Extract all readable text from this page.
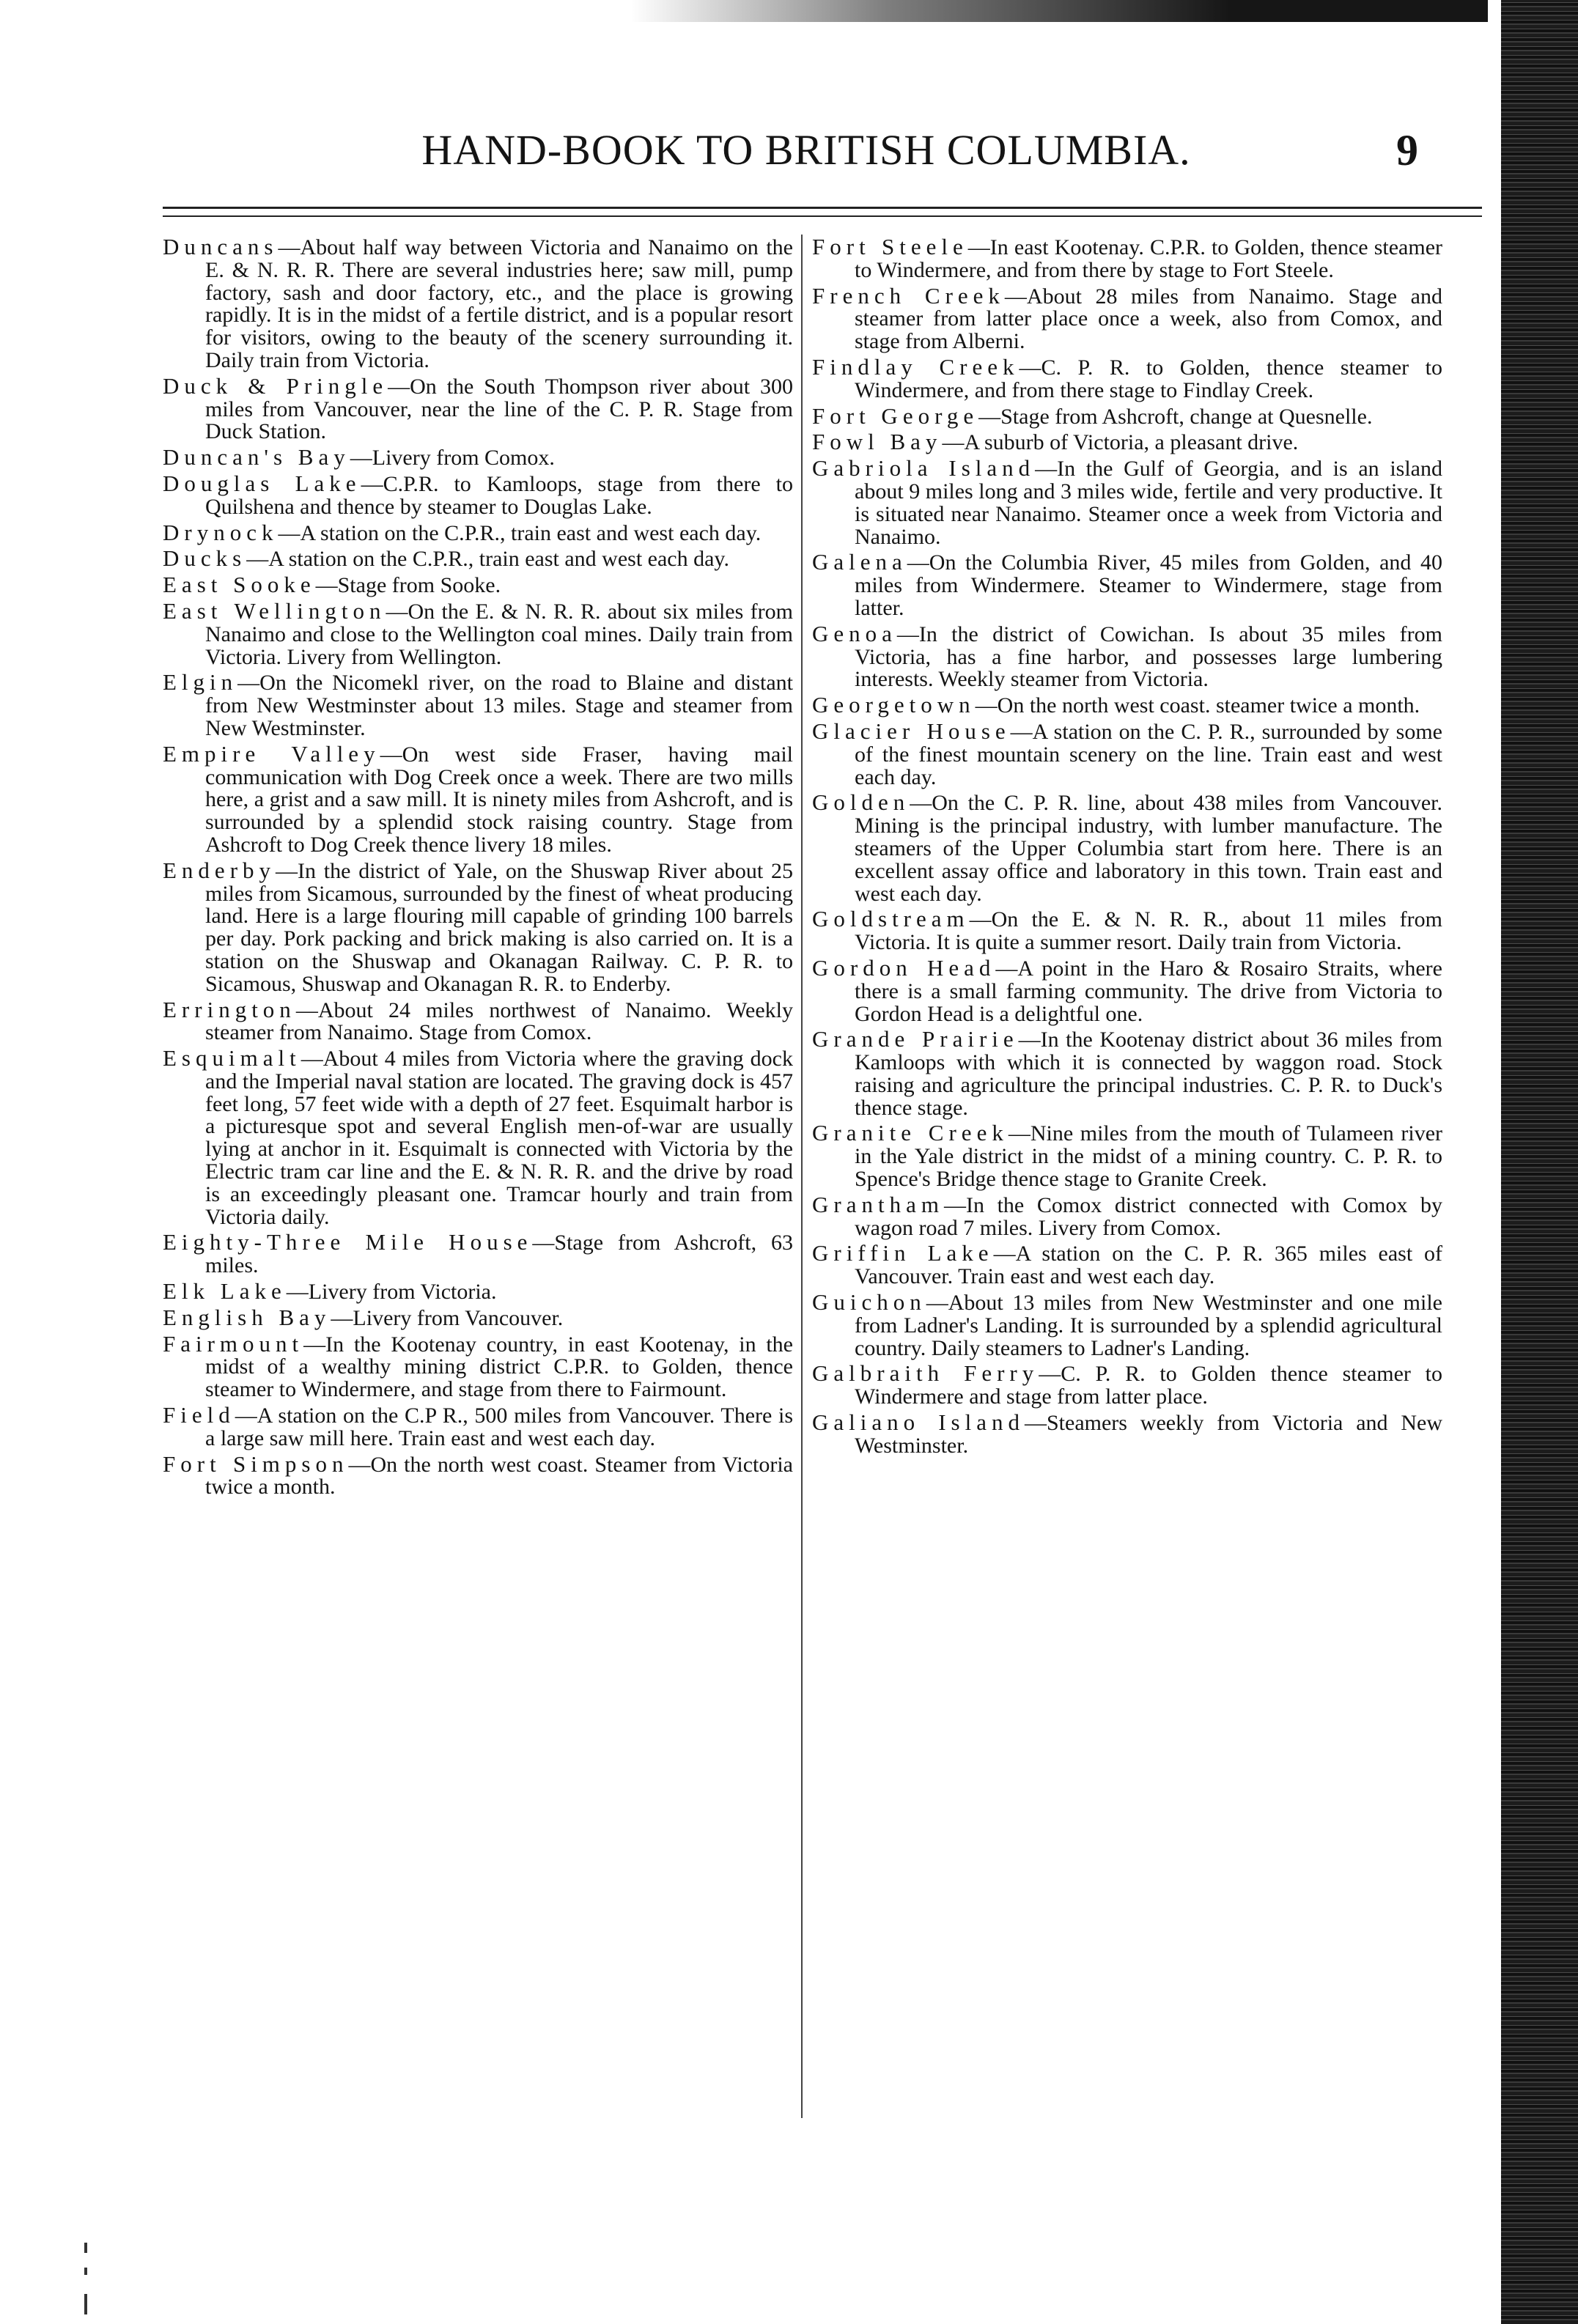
HAND-BOOK TO BRITISH COLUMBIA.	9

Duncans—About half way between Victoria and Nanaimo on the E. & N. R. R. There are several industries here; saw mill, pump factory, sash and door factory, etc., and the place is growing rapidly. It is in the midst of a fertile district, and is a popular resort for visitors, owing to the beauty of the scenery surrounding it. Daily train from Victoria.

Duck & Pringle—On the South Thompson river about 300 miles from Vancouver, near the line of the C. P. R. Stage from Duck Station.

Duncan's Bay—Livery from Comox.

Douglas Lake—C.P.R. to Kamloops, stage from there to Quilshena and thence by steamer to Douglas Lake.

Drynock—A station on the C.P.R., train east and west each day.

Ducks—A station on the C.P.R., train east and west each day.

East Sooke—Stage from Sooke.

East Wellington—On the E. & N. R. R. about six miles from Nanaimo and close to the Wellington coal mines. Daily train from Victoria. Livery from Wellington.

Elgin—On the Nicomekl river, on the road to Blaine and distant from New Westminster about 13 miles. Stage and steamer from New Westminster.

Empire Valley—On west side Fraser, having mail communication with Dog Creek once a week. There are two mills here, a grist and a saw mill. It is ninety miles from Ashcroft, and is surrounded by a splendid stock raising country. Stage from Ashcroft to Dog Creek thence livery 18 miles.

Enderby—In the district of Yale, on the Shuswap River about 25 miles from Sicamous, surrounded by the finest of wheat producing land. Here is a large flouring mill capable of grinding 100 barrels per day. Pork packing and brick making is also carried on. It is a station on the Shuswap and Okanagan Railway. C. P. R. to Sicamous, Shuswap and Okanagan R. R. to Enderby.

Errington—About 24 miles northwest of Nanaimo. Weekly steamer from Nanaimo. Stage from Comox.

Esquimalt—About 4 miles from Victoria where the graving dock and the Imperial naval station are located. The graving dock is 457 feet long, 57 feet wide with a depth of 27 feet. Esquimalt harbor is a picturesque spot and several English men-of-war are usually lying at anchor in it. Esquimalt is connected with Victoria by the Electric tram car line and the E. & N. R. R. and the drive by road is an exceedingly pleasant one. Tramcar hourly and train from Victoria daily.

Eighty-Three Mile House—Stage from Ashcroft, 63 miles.

Elk Lake—Livery from Victoria.

English Bay—Livery from Vancouver.

Fairmount—In the Kootenay country, in east Kootenay, in the midst of a wealthy mining district C.P.R. to Golden, thence steamer to Windermere, and stage from there to Fairmount.

Field—A station on the C.P R., 500 miles from Vancouver. There is a large saw mill here. Train east and west each day.

Fort Simpson—On the north west coast. Steamer from Victoria twice a month.

Fort Steele—In east Kootenay. C.P.R. to Golden, thence steamer to Windermere, and from there by stage to Fort Steele.

French Creek—About 28 miles from Nanaimo. Stage and steamer from latter place once a week, also from Comox, and stage from Alberni.

Findlay Creek—C. P. R. to Golden, thence steamer to Windermere, and from there stage to Findlay Creek.

Fort George—Stage from Ashcroft, change at Quesnelle.

Fowl Bay—A suburb of Victoria, a pleasant drive.

Gabriola Island—In the Gulf of Georgia, and is an island about 9 miles long and 3 miles wide, fertile and very productive. It is situated near Nanaimo. Steamer once a week from Victoria and Nanaimo.

Galena—On the Columbia River, 45 miles from Golden, and 40 miles from Windermere. Steamer to Windermere, stage from latter.

Genoa—In the district of Cowichan. Is about 35 miles from Victoria, has a fine harbor, and possesses large lumbering interests. Weekly steamer from Victoria.

Georgetown—On the north west coast. steamer twice a month.

Glacier House—A station on the C. P. R., surrounded by some of the finest mountain scenery on the line. Train east and west each day.

Golden—On the C. P. R. line, about 438 miles from Vancouver. Mining is the principal industry, with lumber manufacture. The steamers of the Upper Columbia start from here. There is an excellent assay office and laboratory in this town. Train east and west each day.

Goldstream—On the E. & N. R. R., about 11 miles from Victoria. It is quite a summer resort. Daily train from Victoria.

Gordon Head—A point in the Haro & Rosairo Straits, where there is a small farming community. The drive from Victoria to Gordon Head is a delightful one.

Grande Prairie—In the Kootenay district about 36 miles from Kamloops with which it is connected by waggon road. Stock raising and agriculture the principal industries. C. P. R. to Duck's thence stage.

Granite Creek—Nine miles from the mouth of Tulameen river in the Yale district in the midst of a mining country. C. P. R. to Spence's Bridge thence stage to Granite Creek.

Grantham—In the Comox district connected with Comox by wagon road 7 miles. Livery from Comox.

Griffin Lake—A station on the C. P. R. 365 miles east of Vancouver. Train east and west each day.

Guichon—About 13 miles from New Westminster and one mile from Ladner's Landing. It is surrounded by a splendid agricultural country. Daily steamers to Ladner's Landing.

Galbraith Ferry—C. P. R. to Golden thence steamer to Windermere and stage from latter place.

Galiano Island—Steamers weekly from Victoria and New Westminster.
